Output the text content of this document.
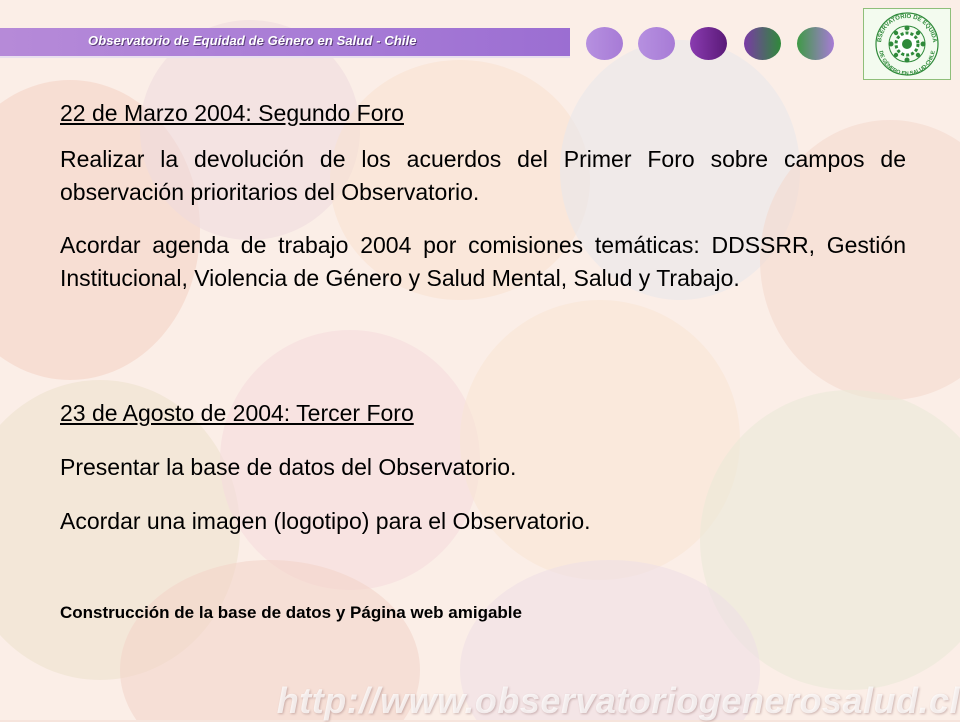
Observatorio de Equidad de Género en Salud - Chile	BSERVATORIO DE EQUIDA
DE GÉNERO EN SALUD-CHILE
22 de Marzo 2004: Segundo Foro
Realizar la devolución de los acuerdos del Primer Foro sobre campos de observación prioritarios del Observatorio.
Acordar agenda de trabajo 2004 por comisiones temáticas: DDSSRR, Gestión Institucional, Violencia de Género y Salud Mental, Salud y Trabajo.
23 de Agosto de 2004: Tercer Foro
Presentar la base de datos del Observatorio.
Acordar una imagen (logotipo) para el Observatorio.
Construcción de la base de datos y Página web amigable
http://www.observatoriogenerosalud.cl
